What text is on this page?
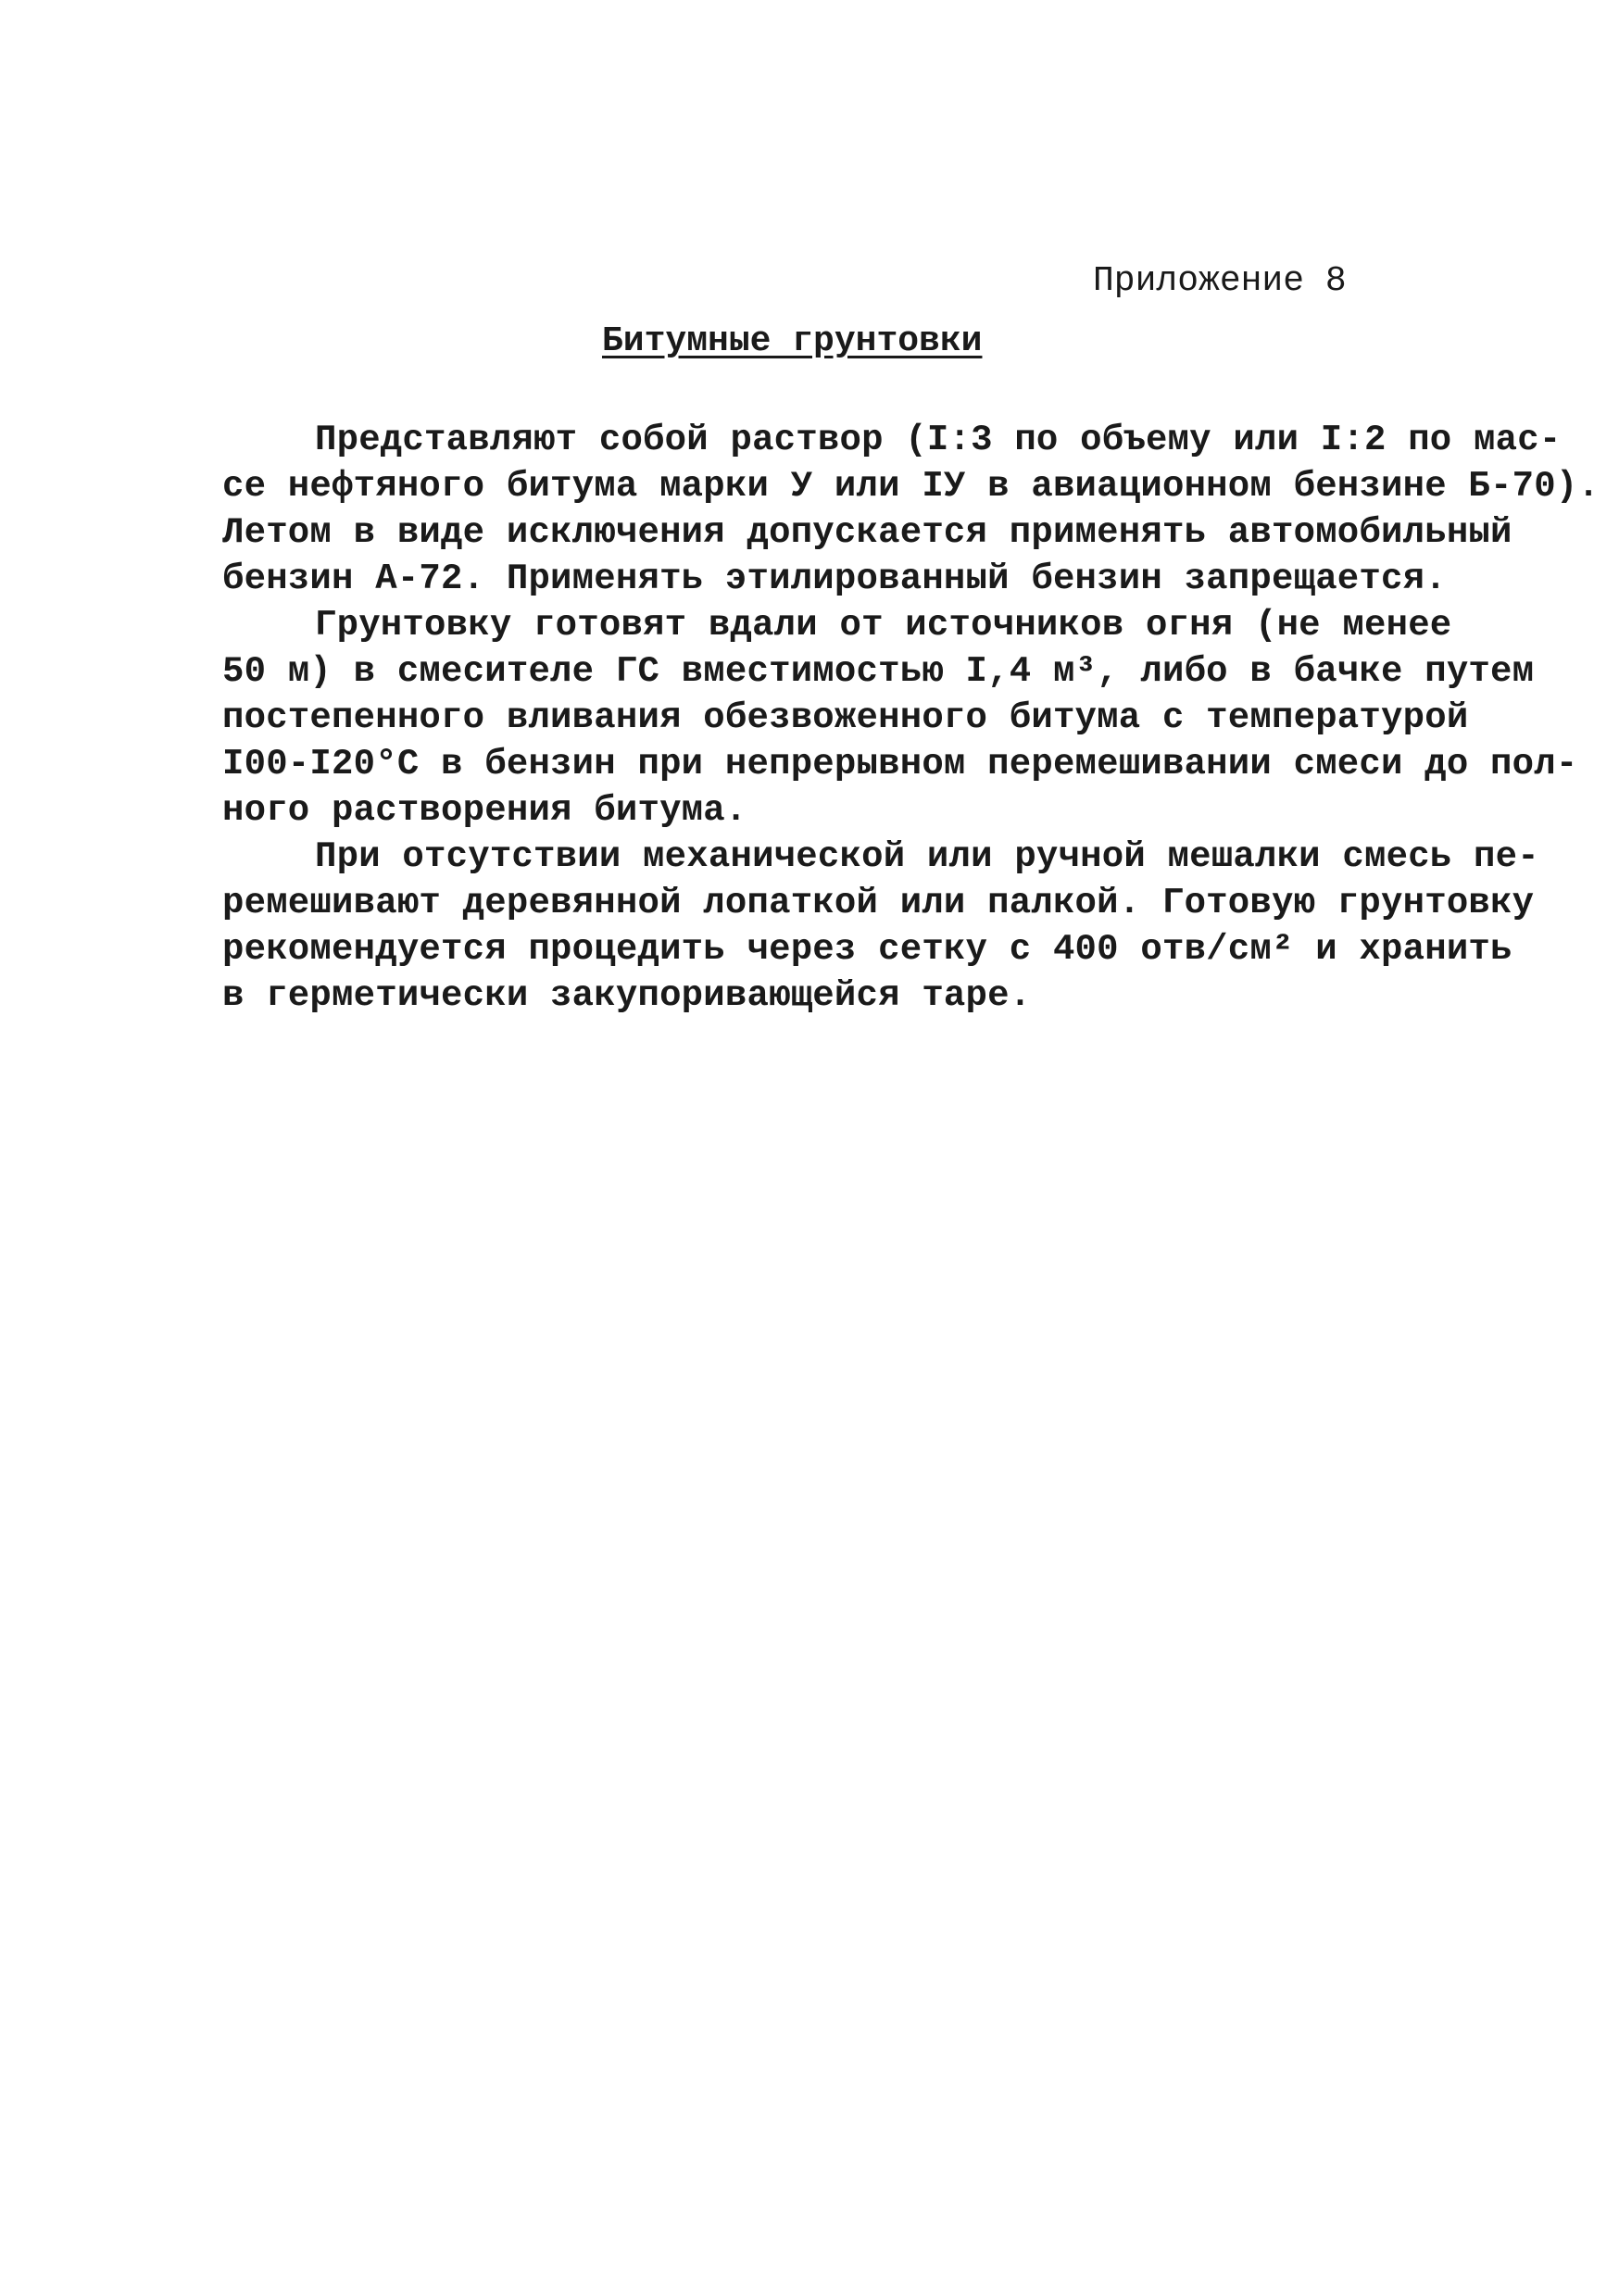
Приложение 8
Битумные грунтовки
Представляют собой раствор (I:3 по объему или I:2 по мас-
се нефтяного битума марки У или IУ в авиационном бензине Б-70).
Летом в виде исключения допускается применять автомобильный
бензин А-72. Применять этилированный бензин запрещается.
Грунтовку готовят вдали от источников огня (не менее
50 м) в смесителе ГС вместимостью I,4 м³, либо в бачке путем
постепенного вливания обезвоженного битума с температурой
I00-I20°С в бензин при непрерывном перемешивании смеси до пол-
ного растворения битума.
При отсутствии механической или ручной мешалки смесь пе-
ремешивают деревянной лопаткой или палкой. Готовую грунтовку
рекомендуется процедить через сетку с 400 отв/см² и хранить
в герметически закупоривающейся таре.
